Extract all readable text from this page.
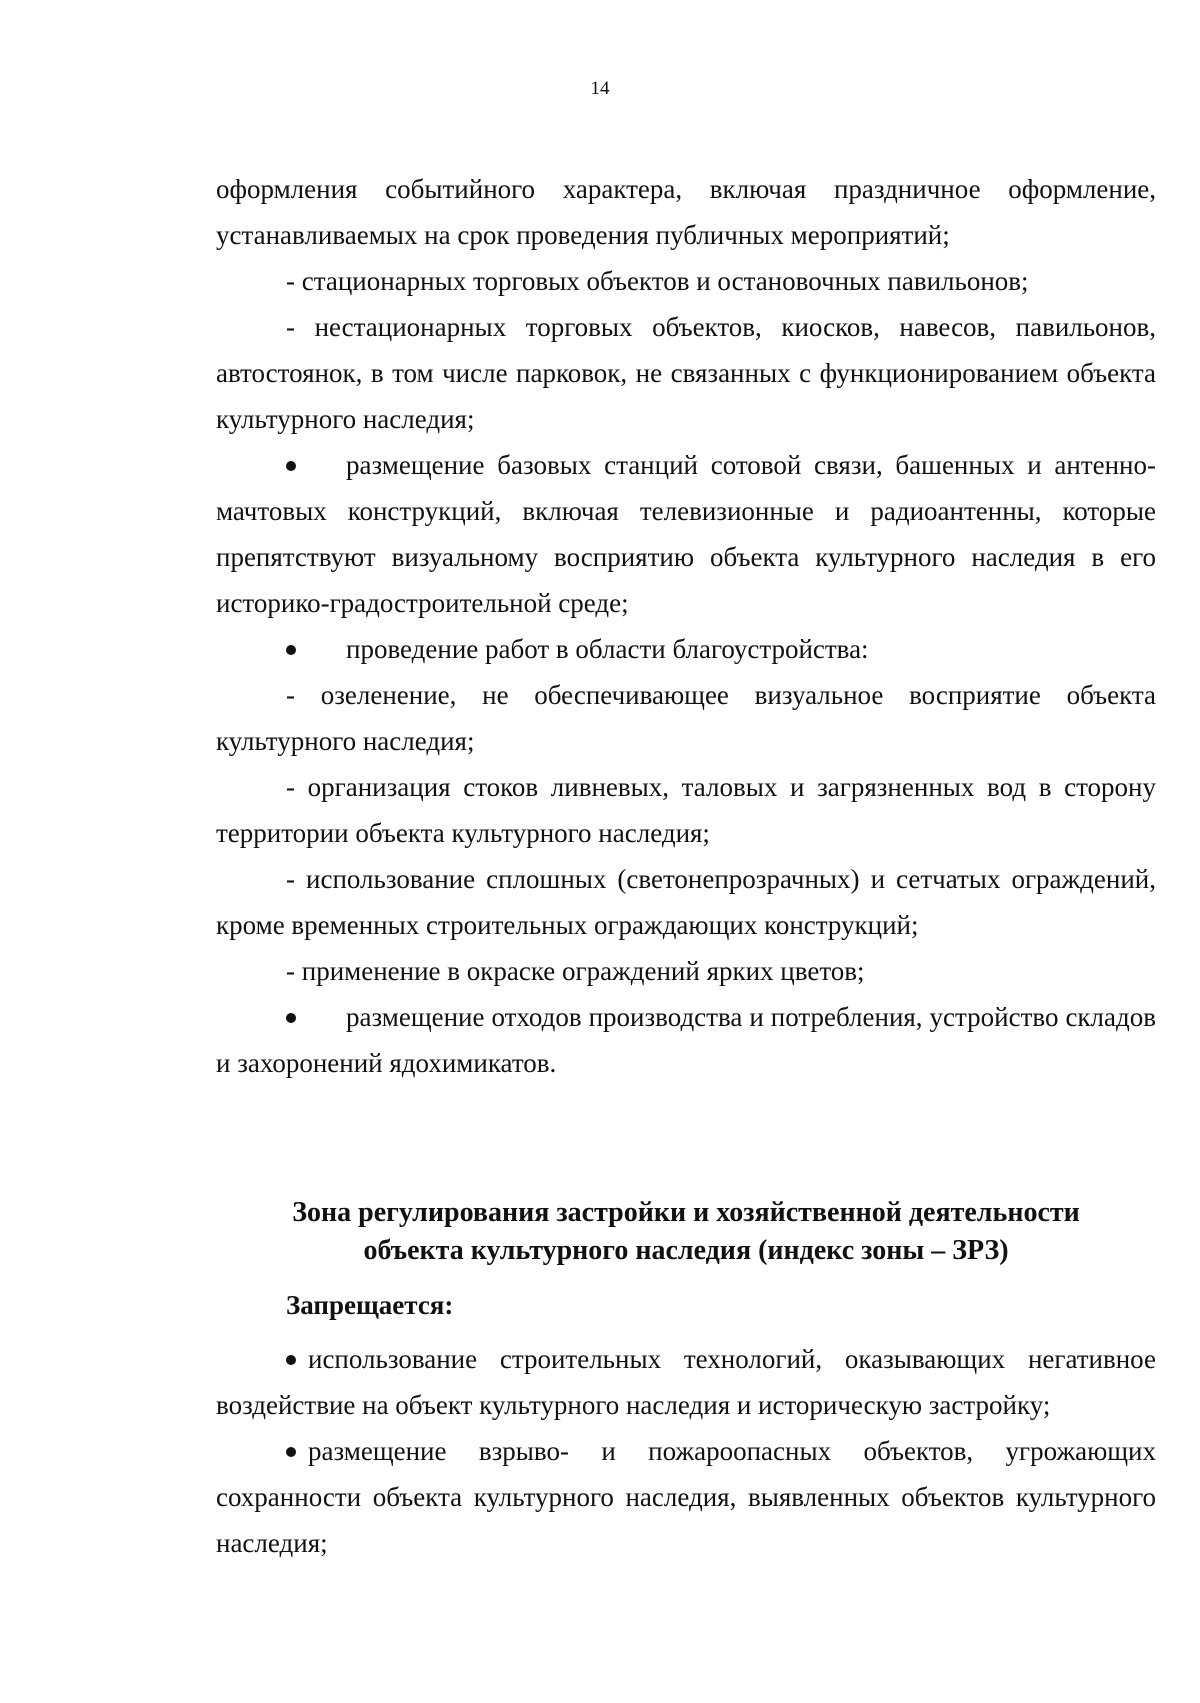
14

оформления событийного характера, включая праздничное оформление, устанавливаемых на срок проведения публичных мероприятий;

- стационарных торговых объектов и остановочных павильонов;

- нестационарных торговых объектов, киосков, навесов, павильонов, автостоянок, в том числе парковок, не связанных с функционированием объекта культурного наследия;

размещение базовых станций сотовой связи, башенных и антенно-мачтовых конструкций, включая телевизионные и радиоантенны, которые препятствуют визуальному восприятию объекта культурного наследия в его историко-градостроительной среде;

проведение работ в области благоустройства:

- озеленение, не обеспечивающее визуальное восприятие объекта культурного наследия;

- организация стоков ливневых, таловых и загрязненных вод в сторону территории объекта культурного наследия;

- использование сплошных (светонепрозрачных) и сетчатых ограждений, кроме временных строительных ограждающих конструкций;

- применение в окраске ограждений ярких цветов;

размещение отходов производства и потребления, устройство складов и захоронений ядохимикатов.

Зона регулирования застройки и хозяйственной деятельности
объекта культурного наследия (индекс зоны – ЗРЗ)
Запрещается:

использование строительных технологий, оказывающих негативное воздействие на объект культурного наследия и историческую застройку;

размещение взрыво- и пожароопасных объектов, угрожающих сохранности объекта культурного наследия, выявленных объектов культурного наследия;
